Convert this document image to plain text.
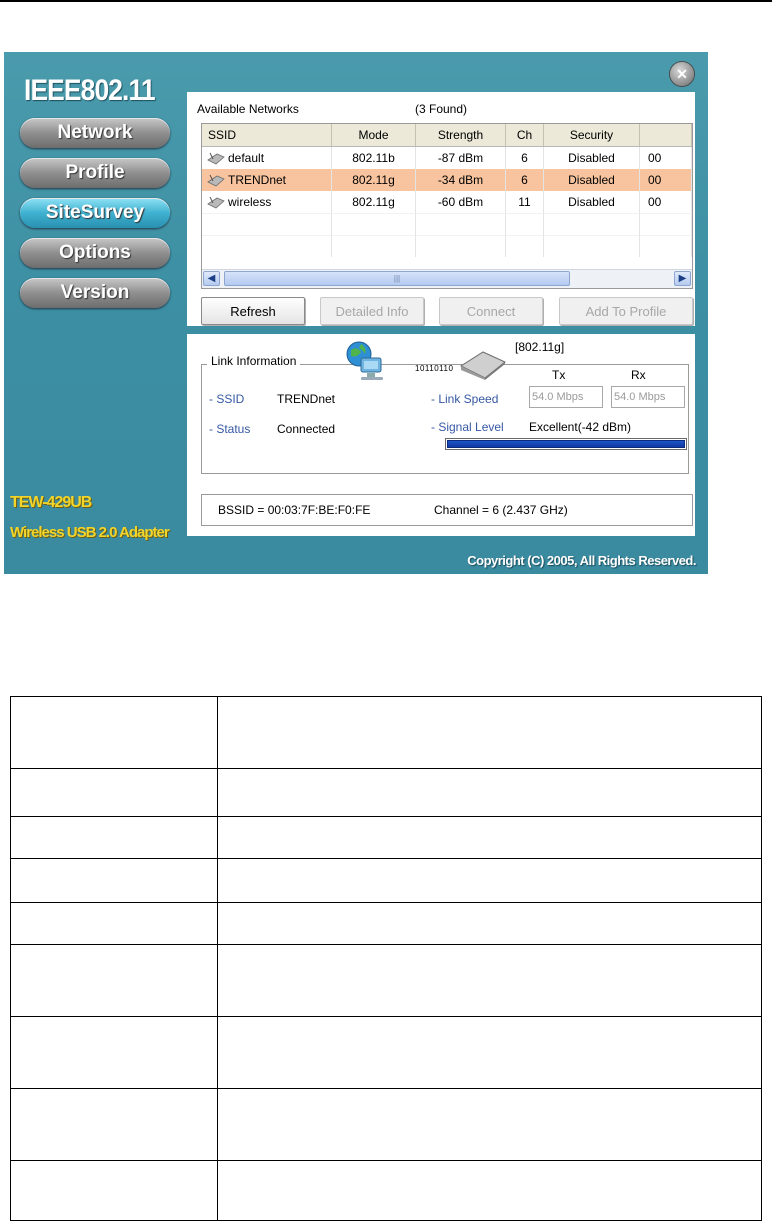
IEEE802.11
Network
Profile
SiteSurvey
Options
Version
TEW-429UB
Wireless USB 2.0 Adapter
✕
Available Networks	(3 Found)
SSID	Mode	Strength	Ch	Security
default	802.11b	-87 dBm	6	Disabled	00
TRENDnet	802.11g	-34 dBm	6	Disabled	00
wireless	802.11g	-60 dBm	11	Disabled	00
◀	|||	▶
Refresh	Detailed Info	Connect	Add To Profile
Link Information
10110110
[802.11g]
Tx	Rx
- SSID	TRENDnet
- Status Connected
- Link Speed	54.0 Mbps	54.0 Mbps
- Signal Level Excellent(-42 dBm)
BSSID = 00:03:7F:BE:F0:FE	Channel = 6 (2.437 GHz)
Copyright (C) 2005, All Rights Reserved.
